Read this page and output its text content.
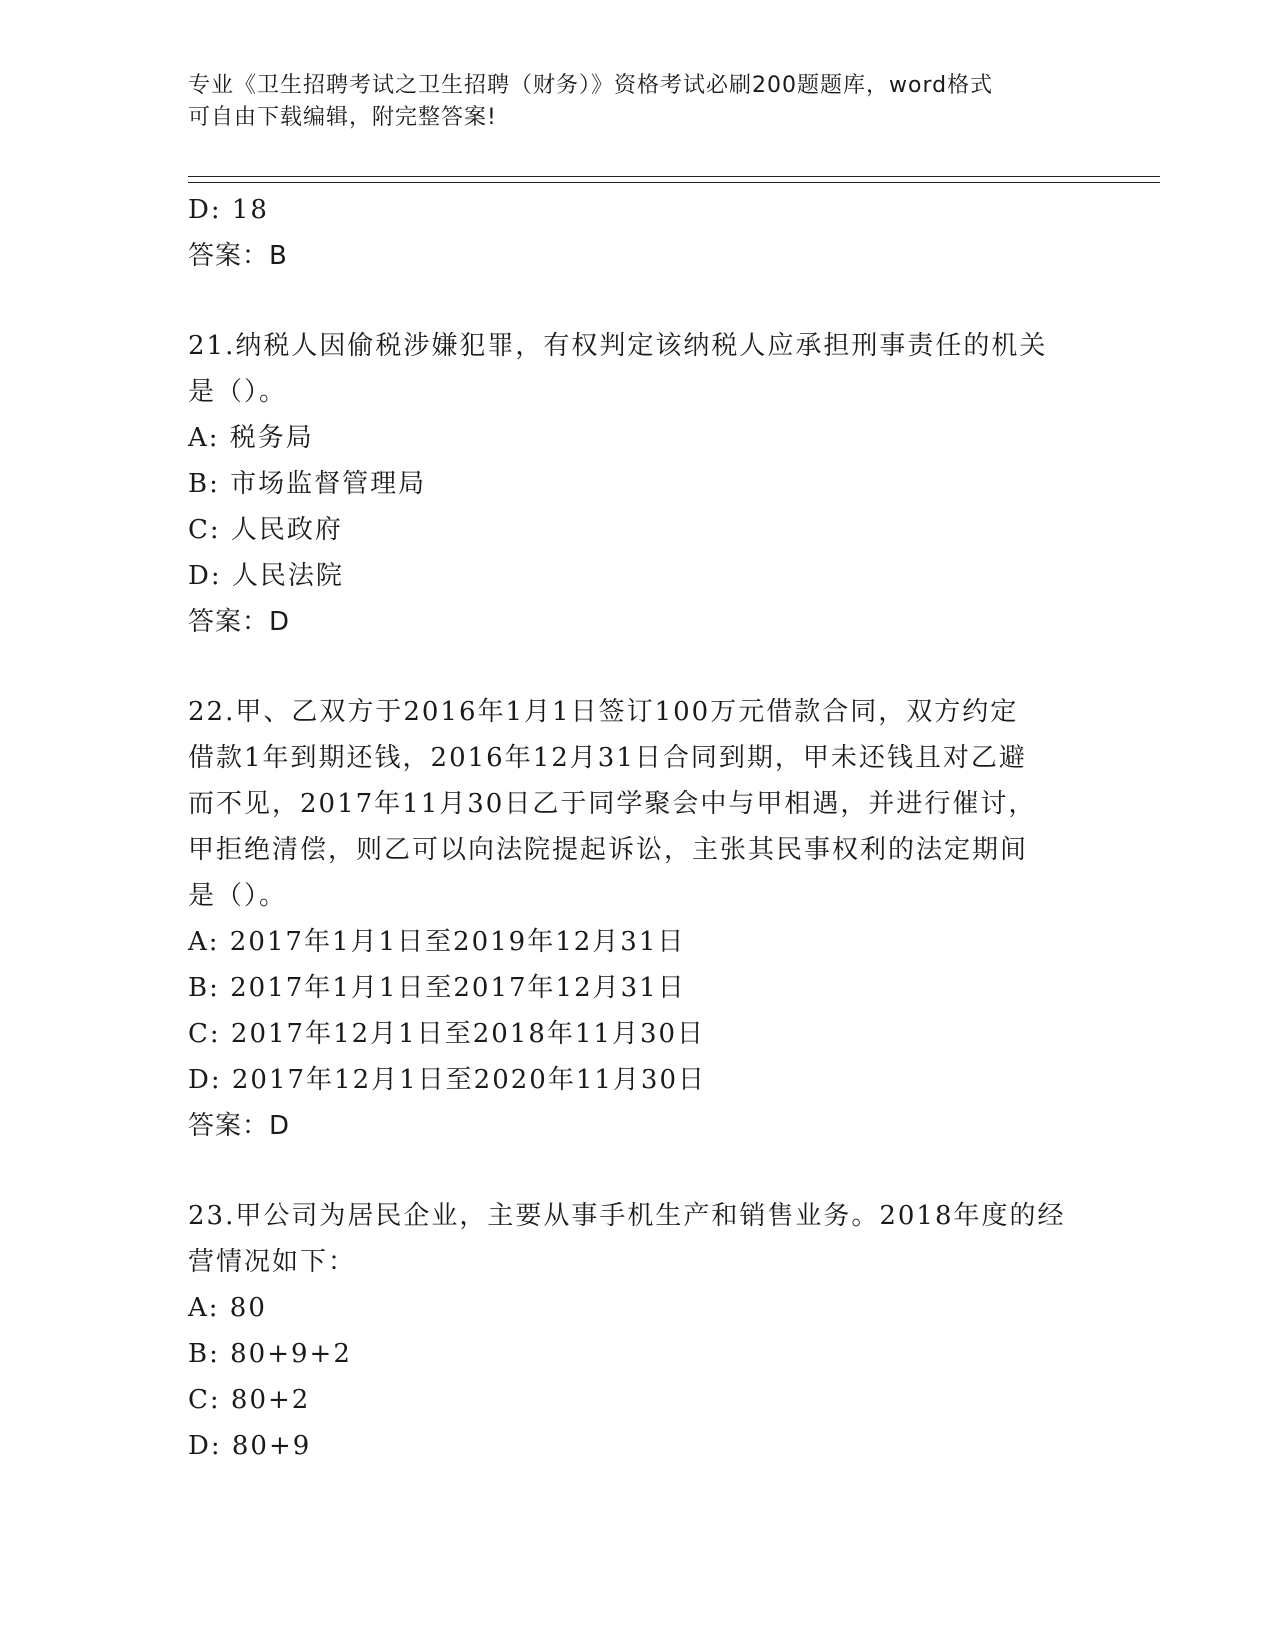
专业《卫生招聘考试之卫生招聘（财务）》资格考试必刷200题题库，word格式
可自由下载编辑，附完整答案!
D: 18
答案：B
21.纳税人因偷税涉嫌犯罪，有权判定该纳税人应承担刑事责任的机关
是（）。
A: 税务局
B: 市场监督管理局
C: 人民政府
D: 人民法院
答案：D
22.甲、乙双方于2016年1月1日签订100万元借款合同，双方约定
借款1年到期还钱，2016年12月31日合同到期，甲未还钱且对乙避
而不见，2017年11月30日乙于同学聚会中与甲相遇，并进行催讨，
甲拒绝清偿，则乙可以向法院提起诉讼，主张其民事权利的法定期间
是（）。
A: 2017年1月1日至2019年12月31日
B: 2017年1月1日至2017年12月31日
C: 2017年12月1日至2018年11月30日
D: 2017年12月1日至2020年11月30日
答案：D
23.甲公司为居民企业，主要从事手机生产和销售业务。2018年度的经
营情况如下：
A: 80
B: 80+9+2
C: 80+2
D: 80+9
